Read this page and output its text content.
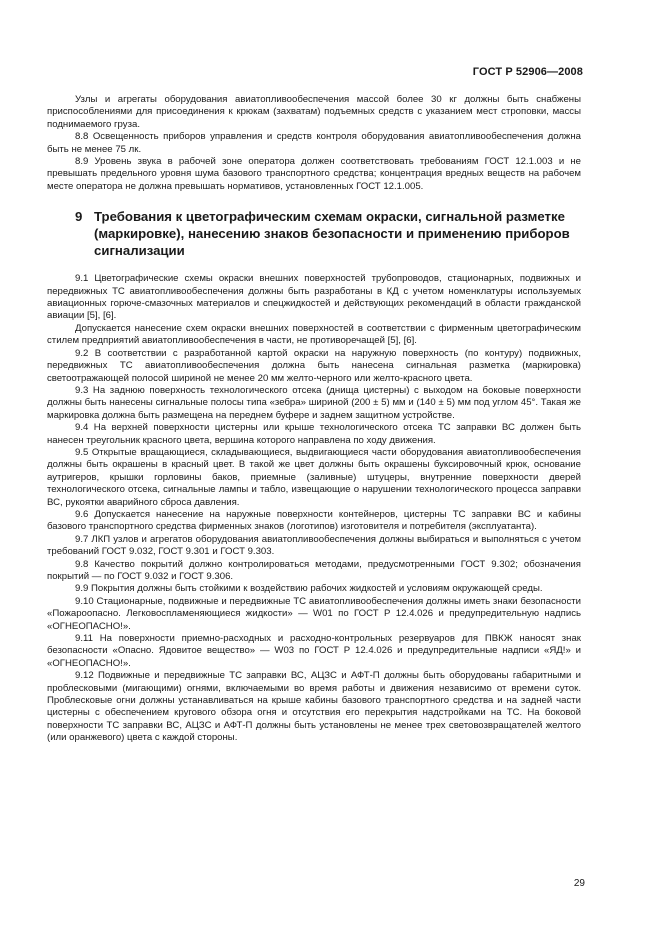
ГОСТ Р 52906—2008

Узлы и агрегаты оборудования авиатопливообеспечения массой более 30 кг должны быть снабжены приспособлениями для присоединения к крюкам (захватам) подъемных средств с указанием мест строповки, массы поднимаемого груза.

8.8 Освещенность приборов управления и средств контроля оборудования авиатопливообеспечения должна быть не менее 75 лк.

8.9 Уровень звука в рабочей зоне оператора должен соответствовать требованиям ГОСТ 12.1.003 и не превышать предельного уровня шума базового транспортного средства; концентрация вредных веществ на рабочем месте оператора не должна превышать нормативов, установленных ГОСТ 12.1.005.

9 Требования к цветографическим схемам окраски, сигнальной разметке (маркировке), нанесению знаков безопасности и применению приборов сигнализации

9.1 Цветографические схемы окраски внешних поверхностей трубопроводов, стационарных, подвижных и передвижных ТС авиатопливообеспечения должны быть разработаны в КД с учетом номенклатуры используемых авиационных горюче-смазочных материалов и спецжидкостей и действующих рекомендаций в области гражданской авиации [5], [6].

Допускается нанесение схем окраски внешних поверхностей в соответствии с фирменным цветографическим стилем предприятий авиатопливообеспечения в части, не противоречащей [5], [6].

9.2 В соответствии с разработанной картой окраски на наружную поверхность (по контуру) подвижных, передвижных ТС авиатопливообеспечения должна быть нанесена сигнальная разметка (маркировка) светоотражающей полосой шириной не менее 20 мм желто-черного или желто-красного цвета.

9.3 На заднюю поверхность технологического отсека (днища цистерны) с выходом на боковые поверхности должны быть нанесены сигнальные полосы типа «зебра» шириной (200 ± 5) мм и (140 ± 5) мм под углом 45°. Такая же маркировка должна быть размещена на переднем буфере и заднем защитном устройстве.

9.4 На верхней поверхности цистерны или крыше технологического отсека ТС заправки ВС должен быть нанесен треугольник красного цвета, вершина которого направлена по ходу движения.

9.5 Открытые вращающиеся, складывающиеся, выдвигающиеся части оборудования авиатопливообеспечения должны быть окрашены в красный цвет. В такой же цвет должны быть окрашены буксировочный крюк, основание аутригеров, крышки горловины баков, приемные (заливные) штуцеры, внутренние поверхности дверей технологического отсека, сигнальные лампы и табло, извещающие о нарушении технологического процесса заправки ВС, рукоятки аварийного сброса давления.

9.6 Допускается нанесение на наружные поверхности контейнеров, цистерны ТС заправки ВС и кабины базового транспортного средства фирменных знаков (логотипов) изготовителя и потребителя (эксплуатанта).

9.7 ЛКП узлов и агрегатов оборудования авиатопливообеспечения должны выбираться и выполняться с учетом требований ГОСТ 9.032, ГОСТ 9.301 и ГОСТ 9.303.

9.8 Качество покрытий должно контролироваться методами, предусмотренными ГОСТ 9.302; обозначения покрытий — по ГОСТ 9.032 и ГОСТ 9.306.

9.9 Покрытия должны быть стойкими к воздействию рабочих жидкостей и условиям окружающей среды.

9.10 Стационарные, подвижные и передвижные ТС авиатопливообеспечения должны иметь знаки безопасности «Пожароопасно. Легковоспламеняющиеся жидкости» — W01 по ГОСТ Р 12.4.026 и предупредительную надпись «ОГНЕОПАСНО!».

9.11 На поверхности приемно-расходных и расходно-контрольных резервуаров для ПВКЖ наносят знак безопасности «Опасно. Ядовитое вещество» — W03 по ГОСТ Р 12.4.026 и предупредительные надписи «ЯД!» и «ОГНЕОПАСНО!».

9.12 Подвижные и передвижные ТС заправки ВС, АЦЗС и АФТ-П должны быть оборудованы габаритными и проблесковыми (мигающими) огнями, включаемыми во время работы и движения независимо от времени суток. Проблесковые огни должны устанавливаться на крыше кабины базового транспортного средства и на задней части цистерны с обеспечением кругового обзора огня и отсутствия его перекрытия надстройками на ТС. На боковой поверхности ТС заправки ВС, АЦЗС и АФТ-П должны быть установлены не менее трех световозвращателей желтого (или оранжевого) цвета с каждой стороны.

29
